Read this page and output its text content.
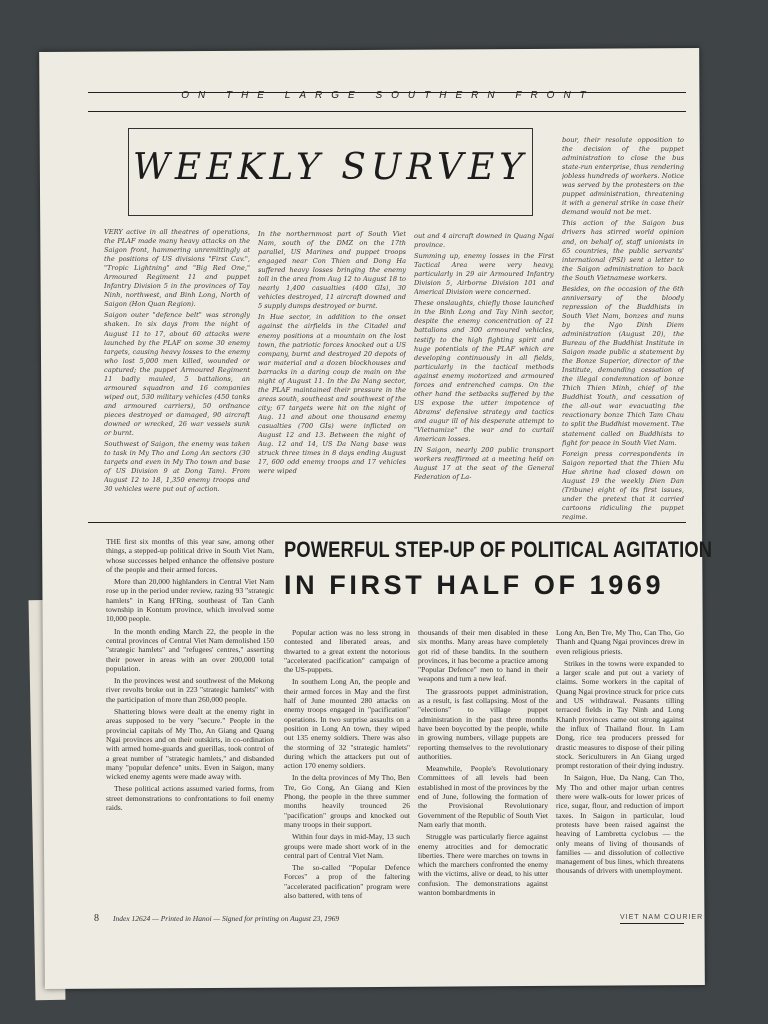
ON THE LARGE SOUTHERN FRONT
WEEKLY SURVEY

VERY active in all theatres of operations, the PLAF made many heavy attacks on the Saigon front, hammering unremittingly at the positions of US divisions "First Cav.", "Tropic Lightning" and "Big Red One," Armoured Regiment 11 and puppet Infantry Division 5 in the provinces of Tay Ninh, northwest, and Binh Long, North of Saigon (Hon Quan Region).

Saigon outer "defence belt" was strongly shaken. In six days from the night of August 11 to 17, about 60 attacks were launched by the PLAF on some 30 enemy targets, causing heavy losses to the enemy who lost 5,000 men killed, wounded or captured; the puppet Armoured Regiment 11 badly mauled, 5 battalions, an armoured squadron and 16 companies wiped out, 530 military vehicles (450 tanks and armoured carriers), 50 ordnance pieces destroyed or damaged, 90 aircraft downed or wrecked, 26 war vessels sunk or burnt.

Southwest of Saigon, the enemy was taken to task in My Tho and Long An sectors (30 targets and even in My Tho town and base of US Division 9 at Dong Tam). From August 12 to 18, 1,350 enemy troops and 30 vehicles were put out of action.

In the northernmost part of South Viet Nam, south of the DMZ on the 17th parallel, US Marines and puppet troops engaged near Con Thien and Dong Ha suffered heavy losses bringing the enemy toll in the area from Aug 12 to August 18 to nearly 1,400 casualties (400 GIs), 30 vehicles destroyed, 11 aircraft downed and 5 supply dumps destroyed or burnt.

In Hue sector, in addition to the onset against the airfields in the Citadel and enemy positions at a mountain on the lost town, the patriotic forces knocked out a US company, burnt and destroyed 20 depots of war material and a dozen blockhouses and barracks in a daring coup de main on the night of August 11. In the Da Nang sector, the PLAF maintained their pressure in the areas south, southeast and southwest of the city; 67 targets were hit on the night of Aug. 11 and about one thousand enemy casualties (700 GIs) were inflicted on August 12 and 13. Between the night of Aug. 12 and 14, US Da Nang base was struck three times in 8 days ending August 17, 600 odd enemy troops and 17 vehicles were wiped

out and 4 aircraft downed in Quang Ngai province.

Summing up, enemy losses in the First Tactical Area were very heavy, particularly in 29 air Armoured Infantry Division 5, Airborne Division 101 and Americal Division were concerned.

These onslaughts, chiefly those launched in the Binh Long and Tay Ninh sector, despite the enemy concentration of 21 battalions and 300 armoured vehicles, testify to the high fighting spirit and huge potentials of the PLAF which are developing continuously in all fields, particularly in the tactical methods against enemy motorized and armoured forces and entrenched camps. On the other hand the setbacks suffered by the US expose the utter impotence of Abrams' defensive strategy and tactics and augur ill of his desperate attempt to "Vietnamize" the war and to curtail American losses.

IN Saigon, nearly 200 public transport workers reaffirmed at a meeting held on August 17 at the seat of the General Federation of La-

bour, their resolute opposition to the decision of the puppet administration to close the bus state-run enterprise, thus rendering jobless hundreds of workers. Notice was served by the protesters on the puppet administration, threatening it with a general strike in case their demand would not be met.

This action of the Saigon bus drivers has stirred world opinion and, on behalf of, staff unionists in 65 countries, the public servants' international (PSI) sent a letter to the Saigon administration to back the South Vietnamese workers.

Besides, on the occasion of the 6th anniversary of the bloody repression of the Buddhists in South Viet Nam, bonzes and nuns by the Ngo Dinh Diem administration (August 20), the Bureau of the Buddhist Institute in Saigon made public a statement by the Bonze Superior, director of the Institute, demanding cessation of the illegal condemnation of bonze Thich Thien Minh, chief of the Buddhist Youth, and cessation of the all-out war evacuating the reactionary bonze Thich Tam Chau to split the Buddhist movement. The statement called on Buddhists to fight for peace in South Viet Nam.

Foreign press correspondents in Saigon reported that the Thien Mu Hue shrine had closed down on August 19 the weekly Dien Dan (Tribune) eight of its first issues, under the pretext that it carried cartoons ridiculing the puppet regime.

POWERFUL STEP-UP OF POLITICAL AGITATION
IN FIRST HALF OF 1969

THE first six months of this year saw, among other things, a stepped-up political drive in South Viet Nam, whose successes helped enhance the offensive posture of the people and their armed forces.

More than 20,000 highlanders in Central Viet Nam rose up in the period under review, razing 93 "strategic hamlets" in Kang H'Ring, southeast of Tan Canh township in Kontum province, which involved some 10,000 people.

In the month ending March 22, the people in the central provinces of Central Viet Nam demolished 150 "strategic hamlets" and "refugees' centres," asserting their power in areas with an over 200,000 total population.

In the provinces west and southwest of the Mekong river revolts broke out in 223 "strategic hamlets" with the participation of more than 260,000 people.

Shattering blows were dealt at the enemy right in areas supposed to be very "secure." People in the provincial capitals of My Tho, An Giang and Quang Ngai provinces and on their outskirts, in co-ordination with armed home-guards and guerillas, took control of a great number of "strategic hamlets," and disbanded many "popular defence" units. Even in Saigon, many wicked enemy agents were made away with.

These political actions assumed varied forms, from street demonstrations to confrontations to foil enemy raids.

Popular action was no less strong in contested and liberated areas, and thwarted to a great extent the notorious "accelerated pacification" campaign of the US-puppets.

In southern Long An, the people and their armed forces in May and the first half of June mounted 280 attacks on enemy troops engaged in "pacification" operations. In two surprise assaults on a position in Long An town, they wiped out 135 enemy soldiers. There was also the storming of 32 "strategic hamlets" during which the attackers put out of action 170 enemy soldiers.

In the delta provinces of My Tho, Ben Tre, Go Cong, An Giang and Kien Phong, the people in the three summer months heavily trounced 26 "pacification" groups and knocked out many troops in their support.

Within four days in mid-May, 13 such groups were made short work of in the central part of Central Viet Nam.

The so-called "Popular Defence Forces" a prop of the faltering "accelerated pacification" program were also battered, with tens of

thousands of their men disabled in these six months. Many areas have completely got rid of these bandits. In the southern provinces, it has become a practice among "Popular Defence" men to hand in their weapons and turn a new leaf.

The grassroots puppet administration, as a result, is fast collapsing. Most of the "elections" to village puppet administration in the past three months have been boycotted by the people, while in growing numbers, village puppets are reporting themselves to the revolutionary authorities.

Meanwhile, People's Revolutionary Committees of all levels had been established in most of the provinces by the end of June, following the formation of the Provisional Revolutionary Government of the Republic of South Viet Nam early that month.

Struggle was particularly fierce against enemy atrocities and for democratic liberties. There were marches on towns in which the marchers confronted the enemy with the victims, alive or dead, to his utter confusion. The demonstrations against wanton bombardments in

Long An, Ben Tre, My Tho, Can Tho, Go Thanh and Quang Ngai provinces drew in even religious priests.

Strikes in the towns were expanded to a larger scale and put out a variety of claims. Some workers in the capital of Quang Ngai province struck for price cuts and US withdrawal. Peasants tilling terraced fields in Tay Ninh and Long Khanh provinces came out strong against the influx of Thailand flour. In Lam Dong, rice tea producers pressed for drastic measures to dispose of their piling stock. Sericulturers in An Giang urged prompt restoration of their dying industry.

In Saigon, Hue, Da Nang, Can Tho, My Tho and other major urban centres there were walk-outs for lower prices of rice, sugar, flour, and reduction of import taxes. In Saigon in particular, loud protests have been raised against the heaving of Lambretta cyclobus — the only means of living of thousands of families — and dissolution of collective management of bus lines, which threatens thousands of drivers with unemployment.

8 Index 12624 — Printed in Hanoi — Signed for printing on August 23, 1969	VIET NAM COURIER
